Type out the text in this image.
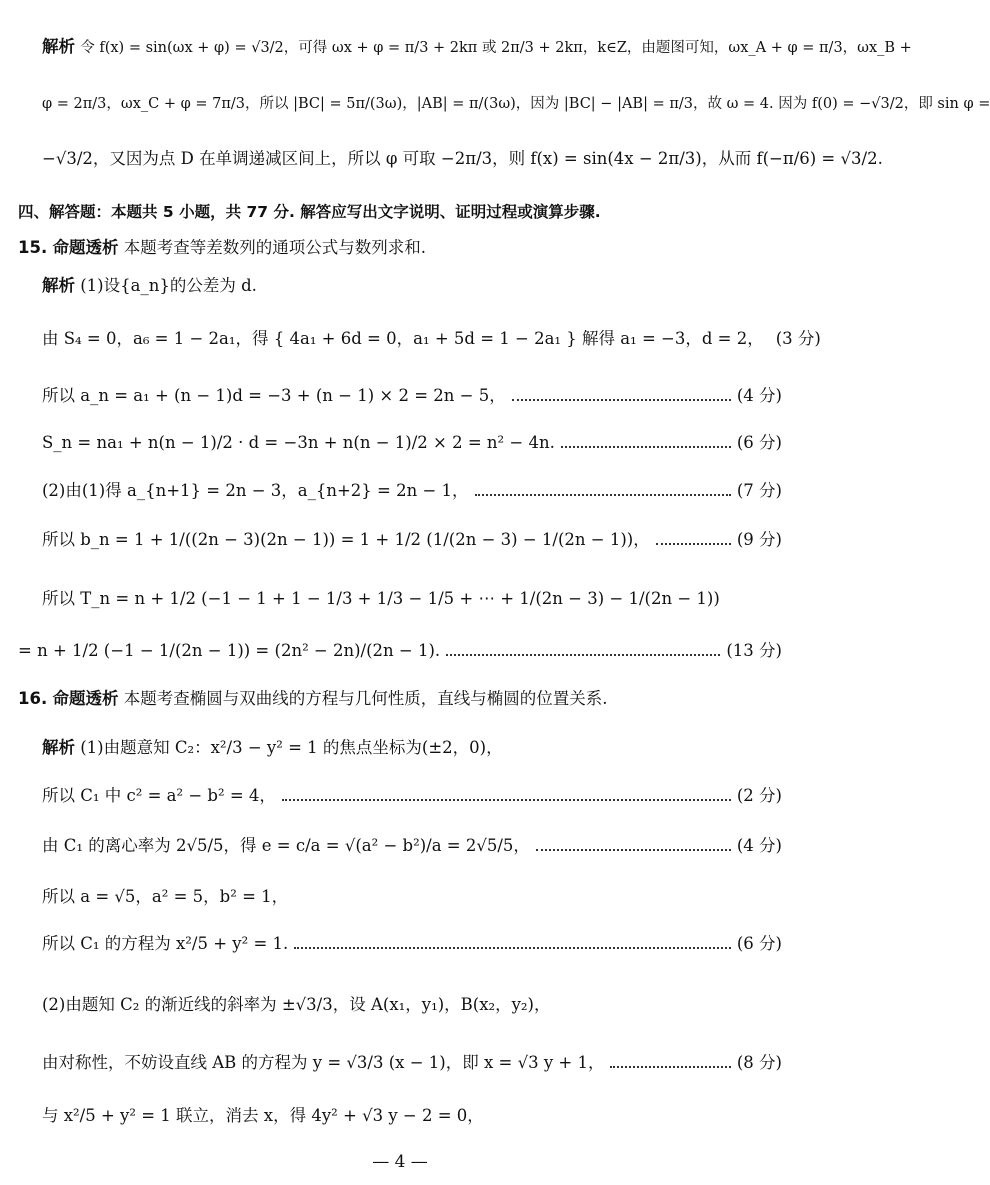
解析 令 f(x) = sin(ωx + φ) = √3/2，可得 ωx + φ = π/3 + 2kπ 或 2π/3 + 2kπ，k∈Z，由题图可知，ωx_A + φ = π/3，ωx_B +
φ = 2π/3，ωx_C + φ = 7π/3，所以 |BC| = 5π/(3ω)，|AB| = π/(3ω)，因为 |BC| − |AB| = π/3，故 ω = 4. 因为 f(0) = −√3/2，即 sin φ =
−√3/2，又因为点 D 在单调递减区间上，所以 φ 可取 −2π/3，则 f(x) = sin(4x − 2π/3)，从而 f(−π/6) = √3/2.
四、解答题：本题共 5 小题，共 77 分. 解答应写出文字说明、证明过程或演算步骤.
15. 命题透析 本题考查等差数列的通项公式与数列求和.
解析 (1)设{a_n}的公差为 d.
由 S₄ = 0，a₆ = 1 − 2a₁，得 { 4a₁ + 6d = 0，a₁ + 5d = 1 − 2a₁ } 解得 a₁ = −3，d = 2， (3 分)
所以 a_n = a₁ + (n − 1)d = −3 + (n − 1) × 2 = 2n − 5，	(4 分)
S_n = na₁ + n(n − 1)/2 · d = −3n + n(n − 1)/2 × 2 = n² − 4n.	(6 分)
(2)由(1)得 a_{n+1} = 2n − 3，a_{n+2} = 2n − 1，	(7 分)
所以 b_n = 1 + 1/((2n − 3)(2n − 1)) = 1 + 1/2 (1/(2n − 3) − 1/(2n − 1))，	(9 分)
所以 T_n = n + 1/2 (−1 − 1 + 1 − 1/3 + 1/3 − 1/5 + ⋯ + 1/(2n − 3) − 1/(2n − 1))
= n + 1/2 (−1 − 1/(2n − 1)) = (2n² − 2n)/(2n − 1).	(13 分)
16. 命题透析 本题考查椭圆与双曲线的方程与几何性质，直线与椭圆的位置关系.
解析 (1)由题意知 C₂：x²/3 − y² = 1 的焦点坐标为(±2，0)，
所以 C₁ 中 c² = a² − b² = 4，	(2 分)
由 C₁ 的离心率为 2√5/5，得 e = c/a = √(a² − b²)/a = 2√5/5，	(4 分)
所以 a = √5，a² = 5，b² = 1，
所以 C₁ 的方程为 x²/5 + y² = 1.	(6 分)
(2)由题知 C₂ 的渐近线的斜率为 ±√3/3，设 A(x₁，y₁)，B(x₂，y₂)，
由对称性，不妨设直线 AB 的方程为 y = √3/3 (x − 1)，即 x = √3 y + 1，	(8 分)
与 x²/5 + y² = 1 联立，消去 x，得 4y² + √3 y − 2 = 0，
— 4 —
